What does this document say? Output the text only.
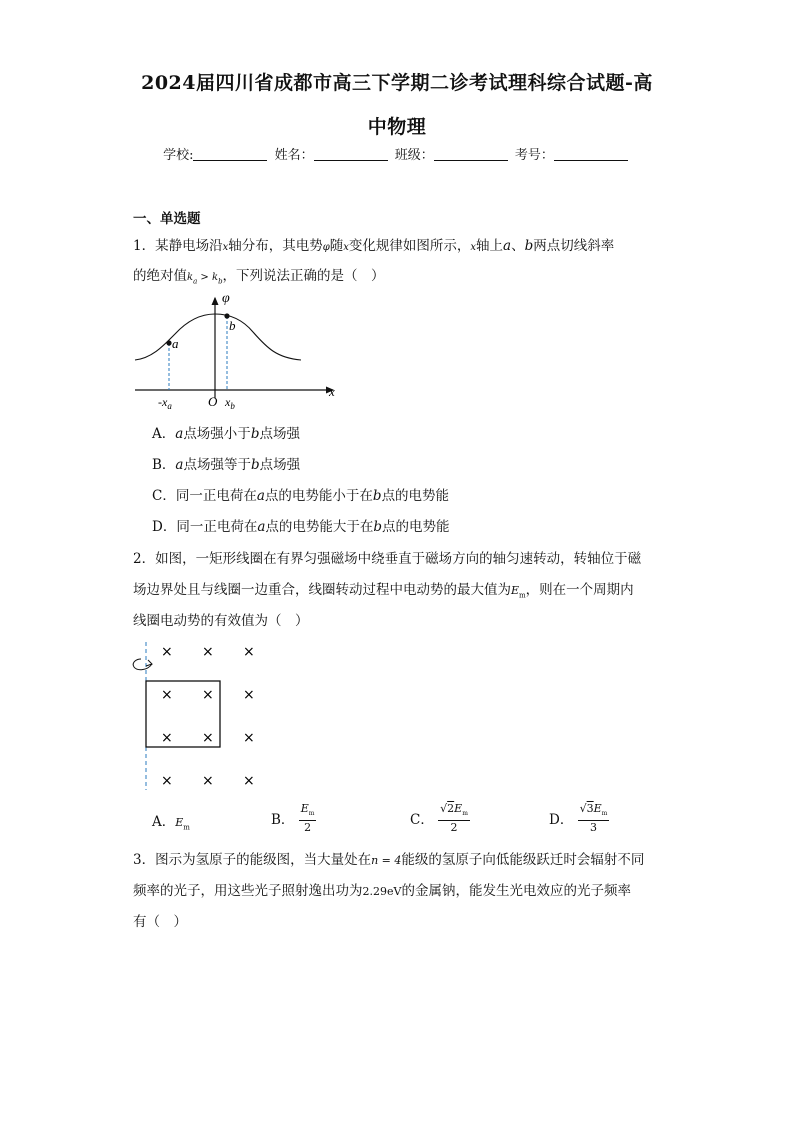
2024届四川省成都市高三下学期二诊考试理科综合试题-高
中物理
学校:	姓名：	班级：	考号：
一、单选题
1．某静电场沿x轴分布，其电势φ随x变化规律如图所示，x轴上a、b两点切线斜率
的绝对值$k_a > k_b$，下列说法正确的是（　）
a
b
φ
x
$-x_a$	O $x_b$
A．a点场强小于b点场强
B．a点场强等于b点场强
C．同一正电荷在a点的电势能小于在b点的电势能
D．同一正电荷在a点的电势能大于在b点的电势能
2．如图，一矩形线圈在有界匀强磁场中绕垂直于磁场方向的轴匀速转动，转轴位于磁
场边界处且与线圈一边重合，线圈转动过程中电动势的最大值为$E_m$，则在一个周期内
线圈电动势的有效值为（　）
× × ×
× × ×
× × ×
× × ×
A．$E_m$	B． $\frac{E_m}{2}$	C． $\frac{√2E_m}{2}$	D． $\frac{√3E_m}{3}$
3．图示为氢原子的能级图，当大量处在n = 4能级的氢原子向低能级跃迁时会辐射不同
频率的光子，用这些光子照射逸出功为2.29eV的金属钠，能发生光电效应的光子频率
有（　）
